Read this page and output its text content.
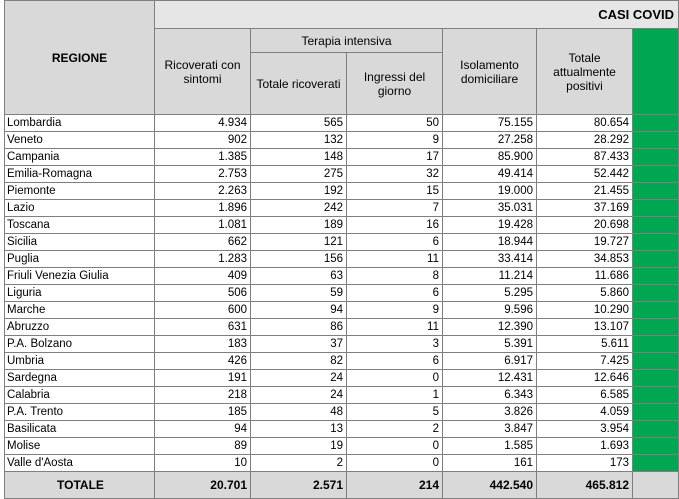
REGIONE	CASI COVID					
	Ricoverati con sintomi	Terapia intensiva		Isolamento domiciliare	Totale attualmente positivi	
		Totale ricoverati	Ingressi del giorno			
Lombardia	4.934	565	50	75.155	80.654	
Veneto	902	132	9	27.258	28.292	
Campania	1.385	148	17	85.900	87.433	
Emilia-Romagna	2.753	275	32	49.414	52.442	
Piemonte	2.263	192	15	19.000	21.455	
Lazio	1.896	242	7	35.031	37.169	
Toscana	1.081	189	16	19.428	20.698	
Sicilia	662	121	6	18.944	19.727	
Puglia	1.283	156	11	33.414	34.853	
Friuli Venezia Giulia	409	63	8	11.214	11.686	
Liguria	506	59	6	5.295	5.860	
Marche	600	94	9	9.596	10.290	
Abruzzo	631	86	11	12.390	13.107	
P.A. Bolzano	183	37	3	5.391	5.611	
Umbria	426	82	6	6.917	7.425	
Sardegna	191	24	0	12.431	12.646	
Calabria	218	24	1	6.343	6.585	
P.A. Trento	185	48	5	3.826	4.059	
Basilicata	94	13	2	3.847	3.954	
Molise	89	19	0	1.585	1.693	
Valle d'Aosta	10	2	0	161	173	
TOTALE	20.701	2.571	214	442.540	465.812	
